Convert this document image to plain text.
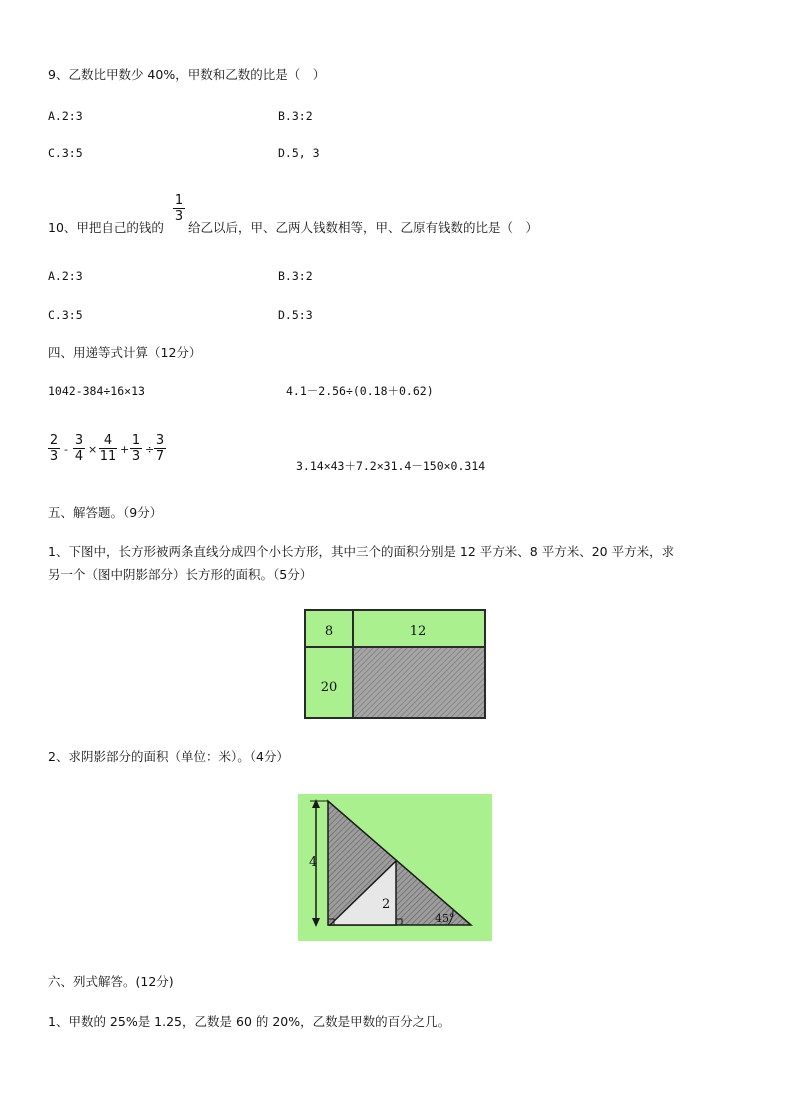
9、乙数比甲数少 40%，甲数和乙数的比是（　）
A.2:3	B.3:2
C.3:5	D.5, 3
10、甲把自己的钱的
$\frac{1}{3}$
给乙以后，甲、乙两人钱数相等，甲、乙原有钱数的比是（　）
A.2:3	B.3:2
C.3:5	D.5:3
四、用递等式计算（12分）
1042-384÷16×13	4.1－2.56÷(0.18＋0.62)
$\frac{2}{3} - \frac{3}{4} \times \frac{4}{11} + \frac{1}{3} \div \frac{3}{7}$
3.14×43＋7.2×31.4－150×0.314
五、解答题。（9分）
1、下图中，长方形被两条直线分成四个小长方形，其中三个的面积分别是 12 平方米、8 平方米、20 平方米，求
另一个（图中阴影部分）长方形的面积。（5分）
8	12
20
2、求阴影部分的面积（单位：米）。（4分）
4
2
45°
六、列式解答。(12分)
1、甲数的 25%是 1.25，乙数是 60 的 20%，乙数是甲数的百分之几。
